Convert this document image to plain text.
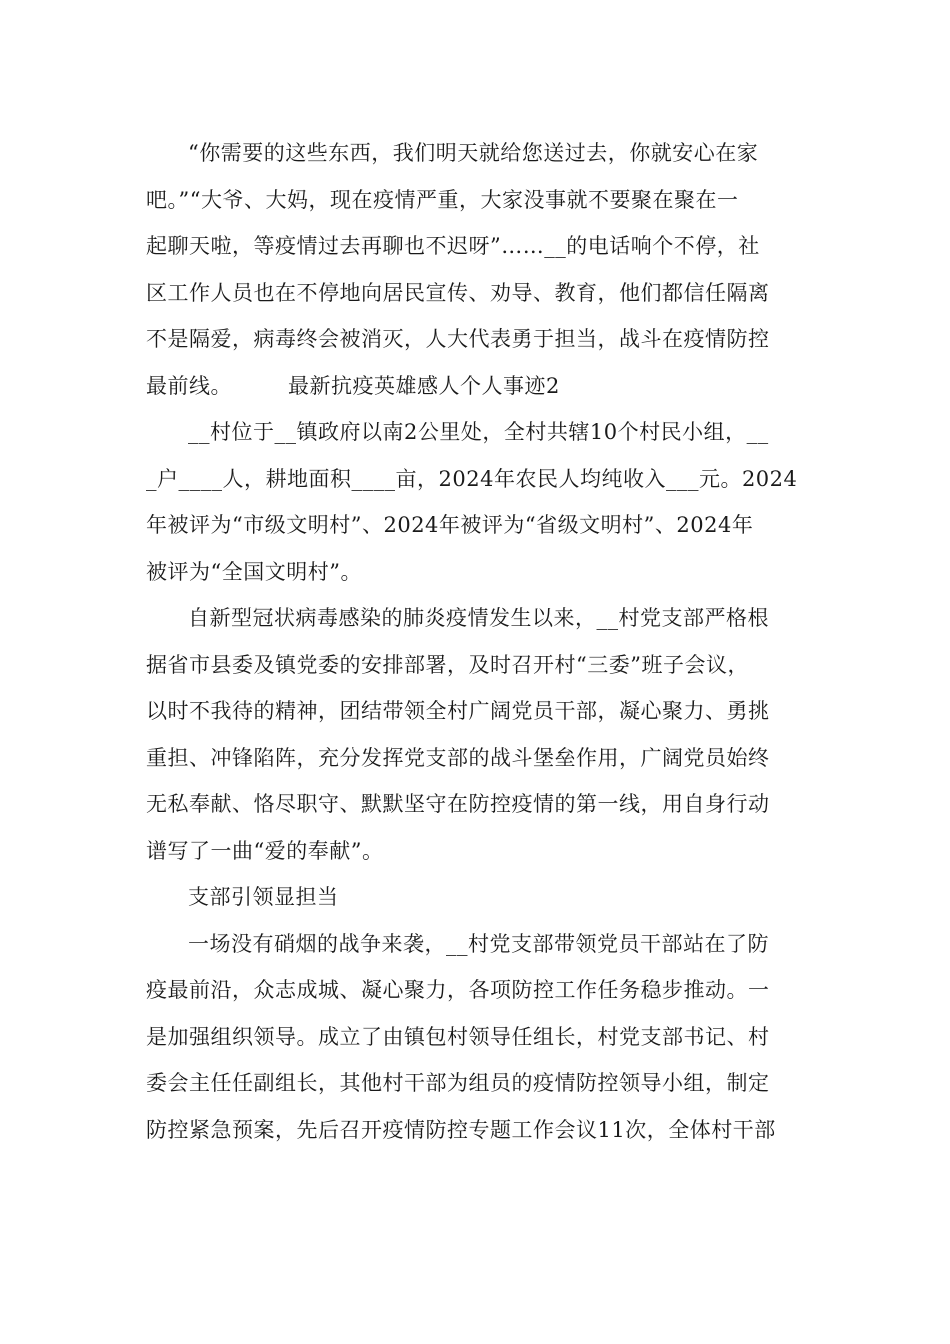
“你需要的这些东西，我们明天就给您送过去，你就安心在家
吧。”“大爷、大妈，现在疫情严重，大家没事就不要聚在聚在一
起聊天啦，等疫情过去再聊也不迟呀”……__的电话响个不停，社
区工作人员也在不停地向居民宣传、劝导、教育，他们都信任隔离
不是隔爱，病毒终会被消灭，人大代表勇于担当，战斗在疫情防控
最前线。	最新抗疫英雄感人个人事迹2
__村位于__镇政府以南2公里处，全村共辖10个村民小组，__
_户____人，耕地面积____亩，2024年农民人均纯收入___元。2024
年被评为“市级文明村”、2024年被评为“省级文明村”、2024年
被评为“全国文明村”。
自新型冠状病毒感染的肺炎疫情发生以来，__村党支部严格根
据省市县委及镇党委的安排部署，及时召开村“三委”班子会议，
以时不我待的精神，团结带领全村广阔党员干部，凝心聚力、勇挑
重担、冲锋陷阵，充分发挥党支部的战斗堡垒作用，广阔党员始终
无私奉献、恪尽职守、默默坚守在防控疫情的第一线，用自身行动
谱写了一曲“爱的奉献”。
支部引领显担当
一场没有硝烟的战争来袭，__村党支部带领党员干部站在了防
疫最前沿，众志成城、凝心聚力，各项防控工作任务稳步推动。一
是加强组织领导。成立了由镇包村领导任组长，村党支部书记、村
委会主任任副组长，其他村干部为组员的疫情防控领导小组，制定
防控紧急预案，先后召开疫情防控专题工作会议11次，全体村干部
